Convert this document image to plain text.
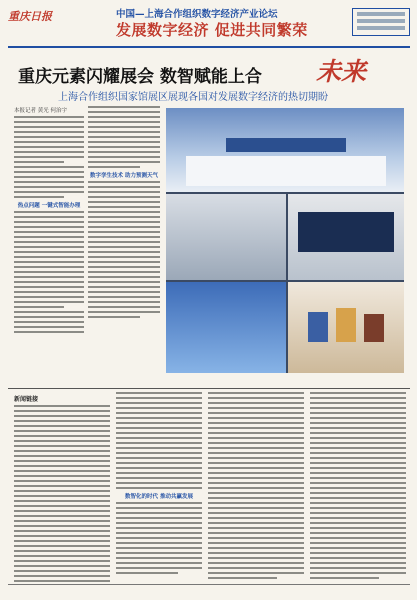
重庆日报	中国—上海合作组织数字经济产业论坛
发展数字经济 促进共同繁荣
重庆元素闪耀展会 数智赋能上合 未来
上海合作组织国家馆展区展现各国对发展数字经济的热切期盼
本报记者 黄光 何治宇
热点问题 一键式智能办理
数字孪生技术 助力预测天气
新闻链接
数智化的时代 推动共赢发展
